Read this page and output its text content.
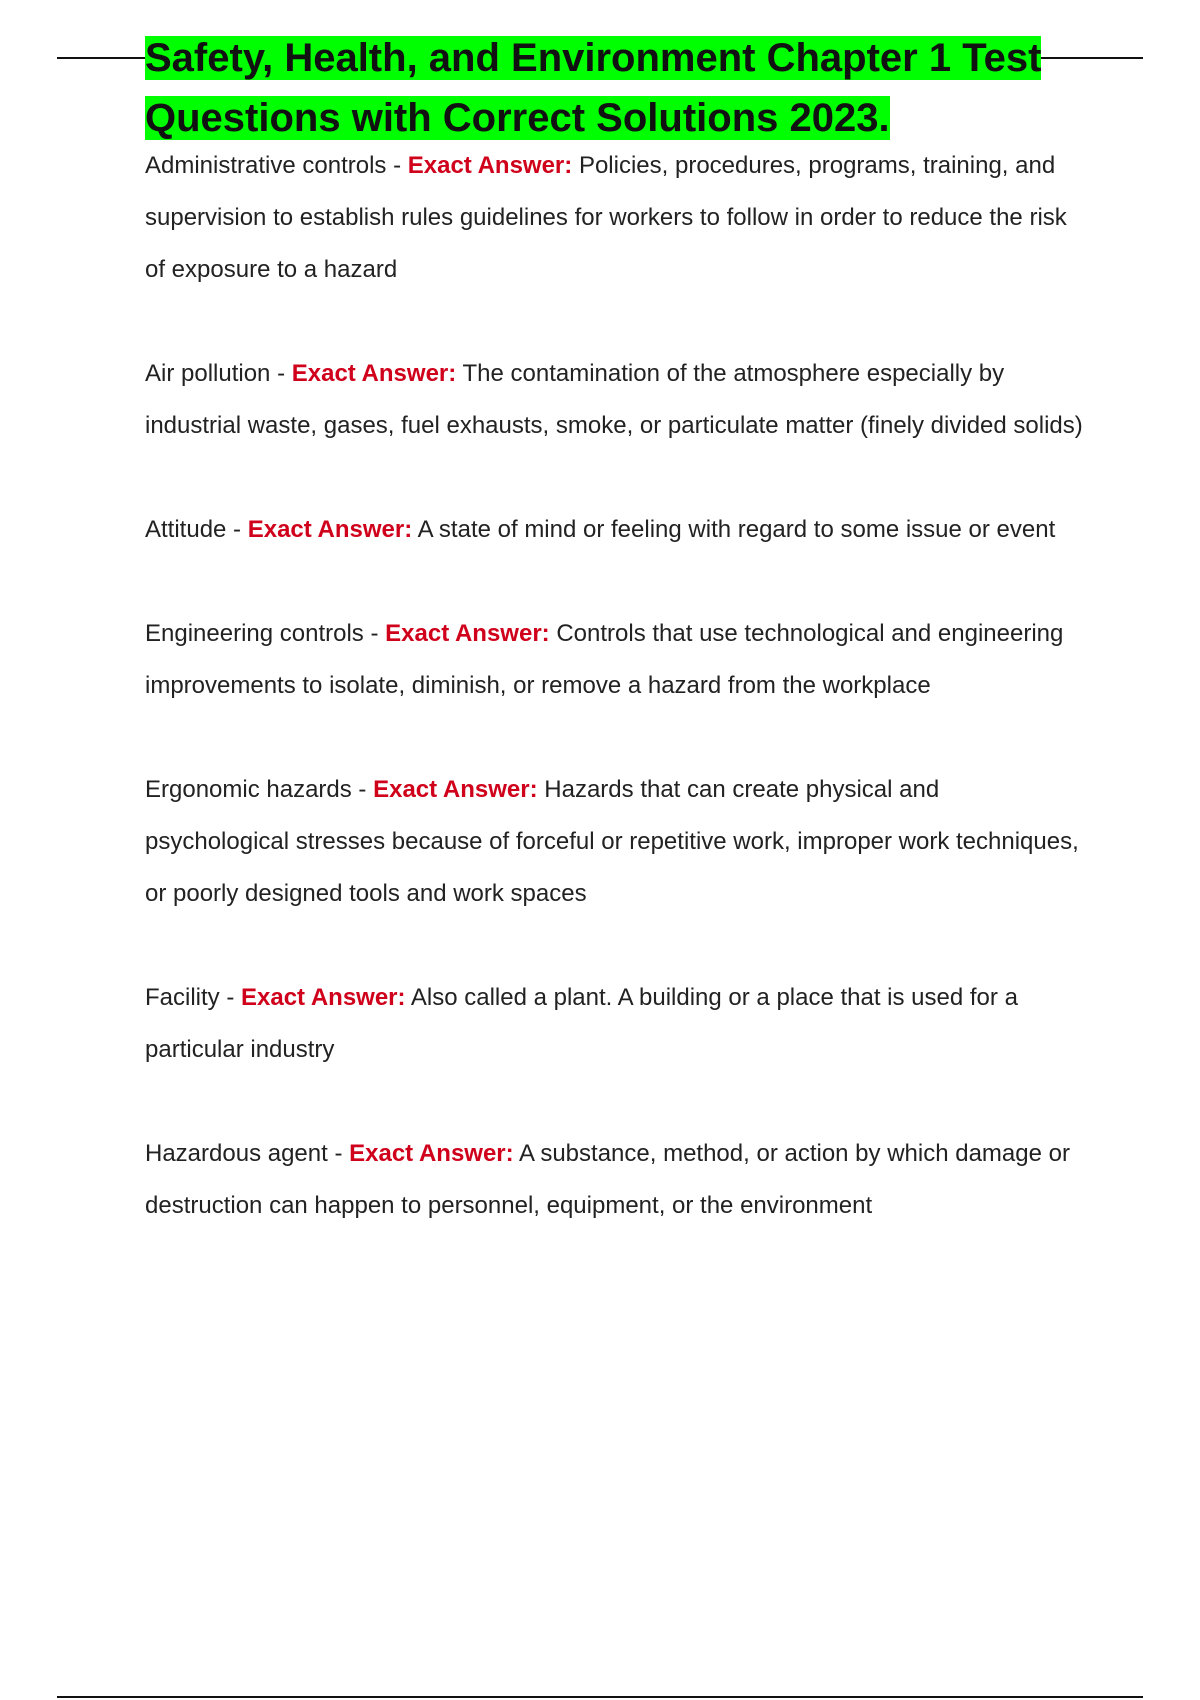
Safety, Health, and Environment Chapter 1 Test Questions with Correct Solutions 2023.

Administrative controls - Exact Answer: Policies, procedures, programs, training, and supervision to establish rules guidelines for workers to follow in order to reduce the risk of exposure to a hazard

Air pollution - Exact Answer: The contamination of the atmosphere especially by industrial waste, gases, fuel exhausts, smoke, or particulate matter (finely divided solids)

Attitude - Exact Answer: A state of mind or feeling with regard to some issue or event

Engineering controls - Exact Answer: Controls that use technological and engineering improvements to isolate, diminish, or remove a hazard from the workplace

Ergonomic hazards - Exact Answer: Hazards that can create physical and psychological stresses because of forceful or repetitive work, improper work techniques, or poorly designed tools and work spaces

Facility - Exact Answer: Also called a plant. A building or a place that is used for a particular industry

Hazardous agent - Exact Answer: A substance, method, or action by which damage or destruction can happen to personnel, equipment, or the environment
